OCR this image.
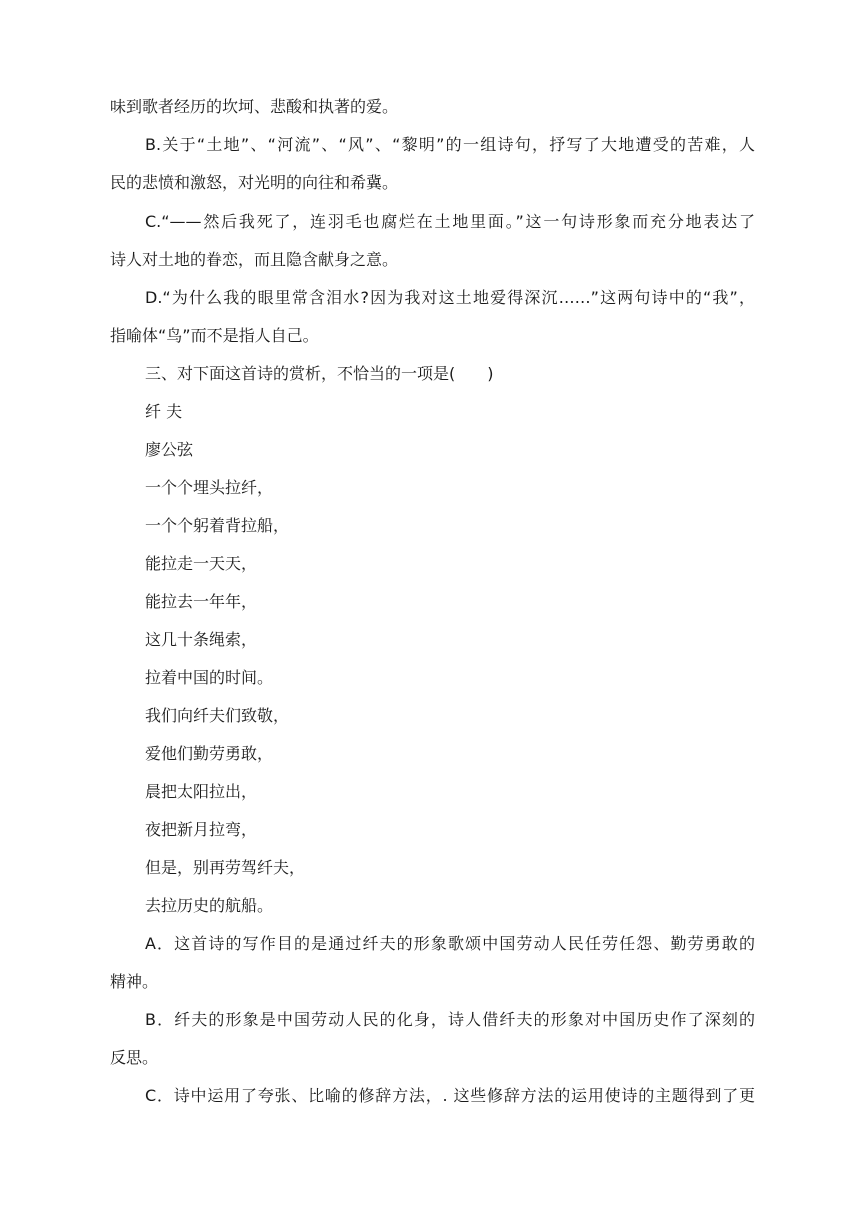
味到歌者经历的坎坷、悲酸和执著的爱。
B.关于“土地”、“河流”、“风”、“黎明”的一组诗句，抒写了大地遭受的苦难，人
民的悲愤和激怒，对光明的向往和希冀。
C.“——然后我死了，连羽毛也腐烂在土地里面。”这一句诗形象而充分地表达了
诗人对土地的眷恋，而且隐含献身之意。
D.“为什么我的眼里常含泪水?因为我对这土地爱得深沉……”这两句诗中的“我”，
指喻体“鸟”而不是指人自己。
三、对下面这首诗的赏析，不恰当的一项是(　　)
纤 夫
廖公弦
一个个埋头拉纤，
一个个躬着背拉船，
能拉走一天天，
能拉去一年年，
这几十条绳索，
拉着中国的时间。
我们向纤夫们致敬，
爱他们勤劳勇敢，
晨把太阳拉出，
夜把新月拉弯，
但是，别再劳驾纤夫，
去拉历史的航船。
A．这首诗的写作目的是通过纤夫的形象歌颂中国劳动人民任劳任怨、勤劳勇敢的
精神。
B．纤夫的形象是中国劳动人民的化身，诗人借纤夫的形象对中国历史作了深刻的
反思。
C．诗中运用了夸张、比喻的修辞方法，. 这些修辞方法的运用使诗的主题得到了更
